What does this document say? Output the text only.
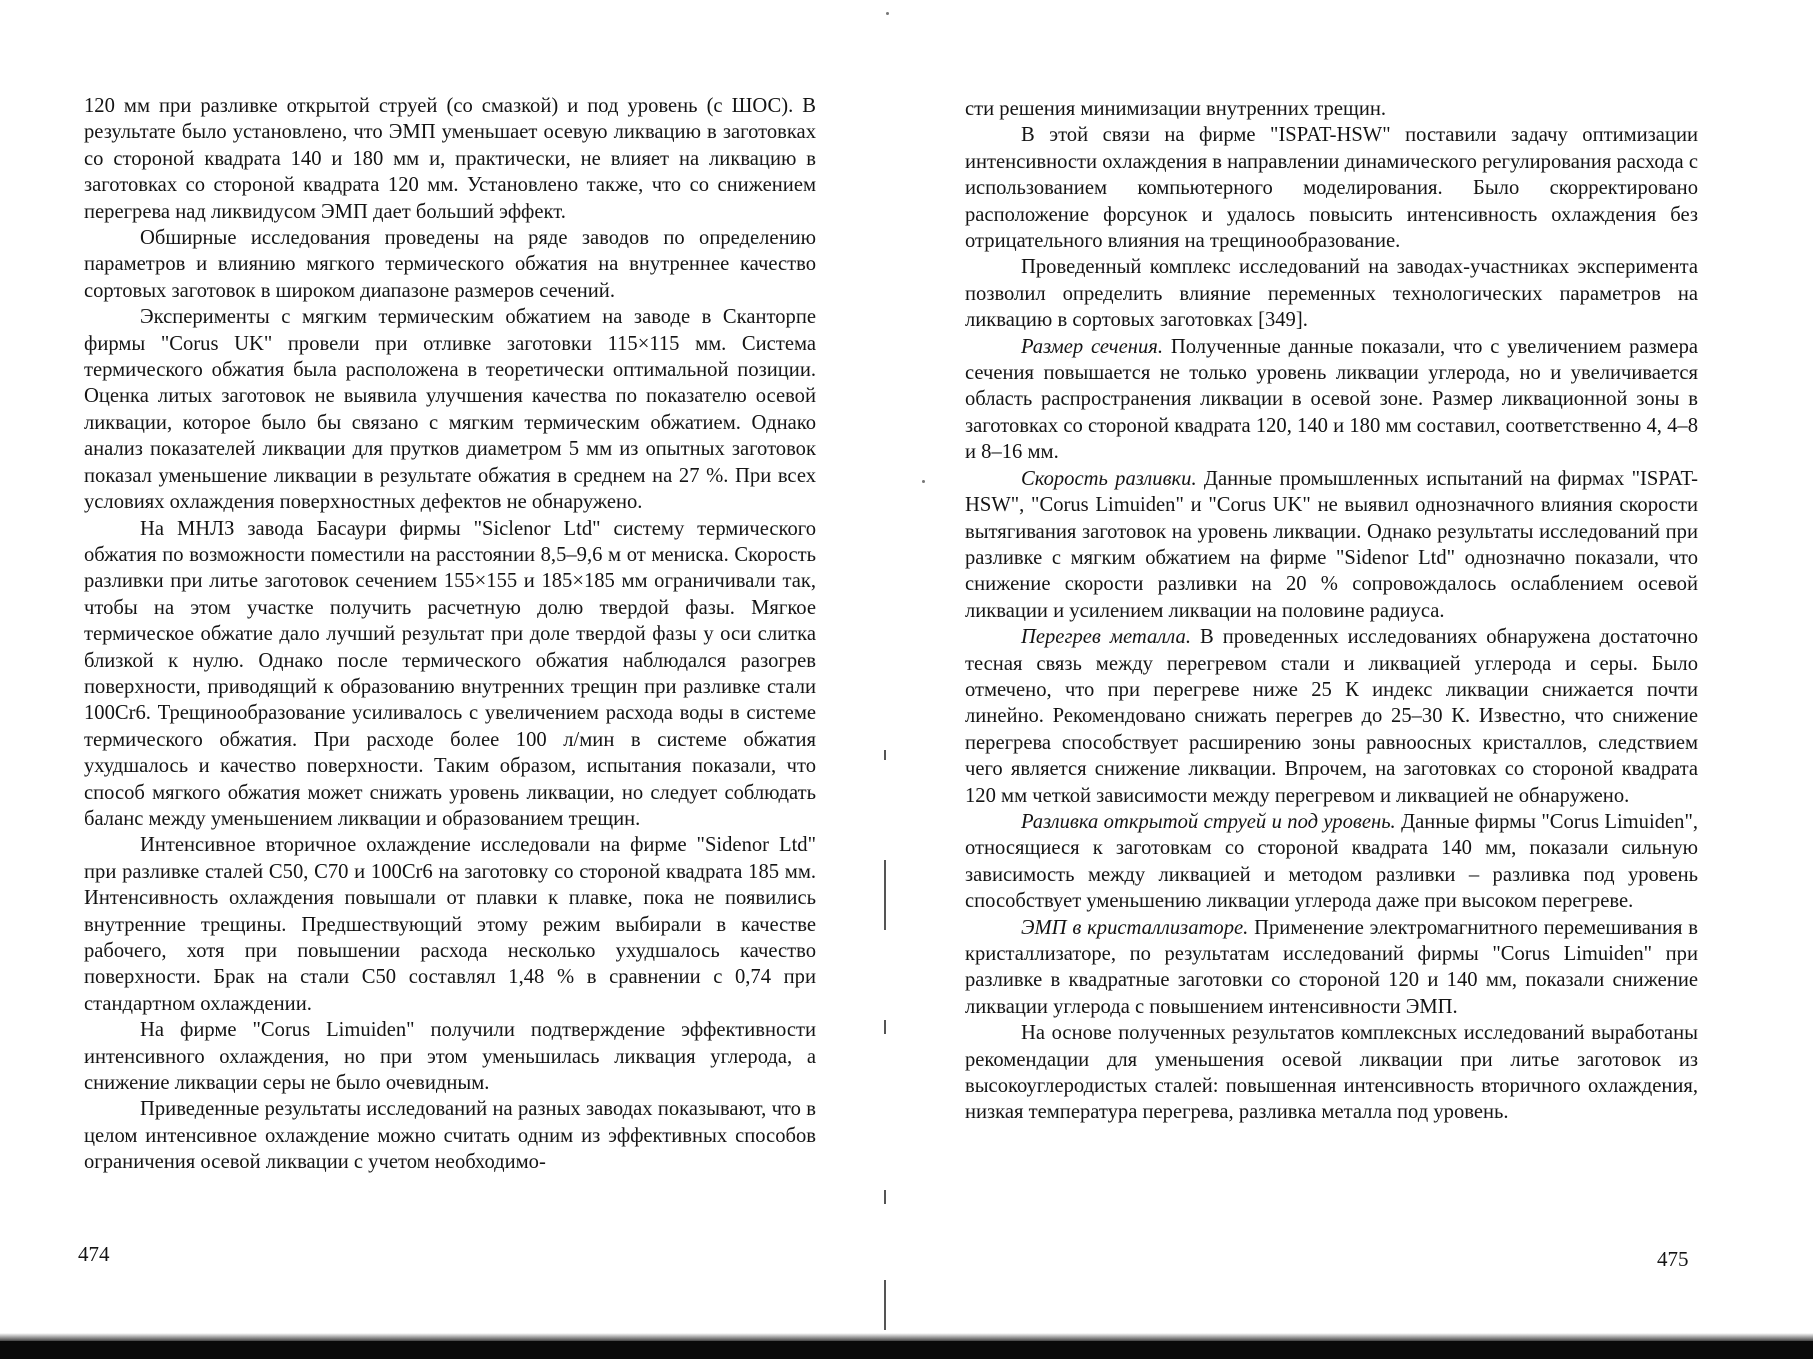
120 мм при разливке открытой струей (со смазкой) и под уровень (с ШОС). В результате было установлено, что ЭМП уменьшает осевую ликвацию в заготовках со стороной квадрата 140 и 180 мм и, практически, не влияет на ликвацию в заготовках со стороной квадрата 120 мм. Установлено также, что со снижением перегрева над ликвидусом ЭМП дает больший эффект.

Обширные исследования проведены на ряде заводов по определению параметров и влиянию мягкого термического обжатия на внутреннее качество сортовых заготовок в широком диапазоне размеров сечений.

Эксперименты с мягким термическим обжатием на заводе в Сканторпе фирмы "Corus UK" провели при отливке заготовки 115×115 мм. Система термического обжатия была расположена в теоретически оптимальной позиции. Оценка литых заготовок не выявила улучшения качества по показателю осевой ликвации, которое было бы связано с мягким термическим обжатием. Однако анализ показателей ликвации для прутков диаметром 5 мм из опытных заготовок показал уменьшение ликвации в результате обжатия в среднем на 27 %. При всех условиях охлаждения поверхностных дефектов не обнаружено.

На МНЛЗ завода Басаури фирмы "Siclenor Ltd" систему термического обжатия по возможности поместили на расстоянии 8,5–9,6 м от мениска. Скорость разливки при литье заготовок сечением 155×155 и 185×185 мм ограничивали так, чтобы на этом участке получить расчетную долю твердой фазы. Мягкое термическое обжатие дало лучший результат при доле твердой фазы у оси слитка близкой к нулю. Однако после термического обжатия наблюдался разогрев поверхности, приводящий к образованию внутренних трещин при разливке стали 100Cr6. Трещинообразование усиливалось с увеличением расхода воды в системе термического обжатия. При расходе более 100 л/мин в системе обжатия ухудшалось и качество поверхности. Таким образом, испытания показали, что способ мягкого обжатия может снижать уровень ликвации, но следует соблюдать баланс между уменьшением ликвации и образованием трещин.

Интенсивное вторичное охлаждение исследовали на фирме "Sidenor Ltd" при разливке сталей С50, С70 и 100Cr6 на заготовку со стороной квадрата 185 мм. Интенсивность охлаждения повышали от плавки к плавке, пока не появились внутренние трещины. Предшествующий этому режим выбирали в качестве рабочего, хотя при повышении расхода несколько ухудшалось качество поверхности. Брак на стали С50 составлял 1,48 % в сравнении с 0,74 при стандартном охлаждении.

На фирме "Corus Limuiden" получили подтверждение эффективности интенсивного охлаждения, но при этом уменьшилась ликвация углерода, а снижение ликвации серы не было очевидным.

Приведенные результаты исследований на разных заводах показывают, что в целом интенсивное охлаждение можно считать одним из эффективных способов ограничения осевой ликвации с учетом необходимо-

474

сти решения минимизации внутренних трещин.

В этой связи на фирме "ISPAT-HSW" поставили задачу оптимизации интенсивности охлаждения в направлении динамического регулирования расхода с использованием компьютерного моделирования. Было скорректировано расположение форсунок и удалось повысить интенсивность охлаждения без отрицательного влияния на трещинообразование.

Проведенный комплекс исследований на заводах-участниках эксперимента позволил определить влияние переменных технологических параметров на ликвацию в сортовых заготовках [349].

Размер сечения. Полученные данные показали, что с увеличением размера сечения повышается не только уровень ликвации углерода, но и увеличивается область распространения ликвации в осевой зоне. Размер ликвационной зоны в заготовках со стороной квадрата 120, 140 и 180 мм составил, соответственно 4, 4–8 и 8–16 мм.

Скорость разливки. Данные промышленных испытаний на фирмах "ISPAT-HSW", "Corus Limuiden" и "Corus UK" не выявил однозначного влияния скорости вытягивания заготовок на уровень ликвации. Однако результаты исследований при разливке с мягким обжатием на фирме "Sidenor Ltd" однозначно показали, что снижение скорости разливки на 20 % сопровождалось ослаблением осевой ликвации и усилением ликвации на половине радиуса.

Перегрев металла. В проведенных исследованиях обнаружена достаточно тесная связь между перегревом стали и ликвацией углерода и серы. Было отмечено, что при перегреве ниже 25 К индекс ликвации снижается почти линейно. Рекомендовано снижать перегрев до 25–30 К. Известно, что снижение перегрева способствует расширению зоны равноосных кристаллов, следствием чего является снижение ликвации. Впрочем, на заготовках со стороной квадрата 120 мм четкой зависимости между перегревом и ликвацией не обнаружено.

Разливка открытой струей и под уровень. Данные фирмы "Corus Limuiden", относящиеся к заготовкам со стороной квадрата 140 мм, показали сильную зависимость между ликвацией и методом разливки – разливка под уровень способствует уменьшению ликвации углерода даже при высоком перегреве.

ЭМП в кристаллизаторе. Применение электромагнитного перемешивания в кристаллизаторе, по результатам исследований фирмы "Corus Limuiden" при разливке в квадратные заготовки со стороной 120 и 140 мм, показали снижение ликвации углерода с повышением интенсивности ЭМП.

На основе полученных результатов комплексных исследований выработаны рекомендации для уменьшения осевой ликвации при литье заготовок из высокоуглеродистых сталей: повышенная интенсивность вторичного охлаждения, низкая температура перегрева, разливка металла под уровень.

475
